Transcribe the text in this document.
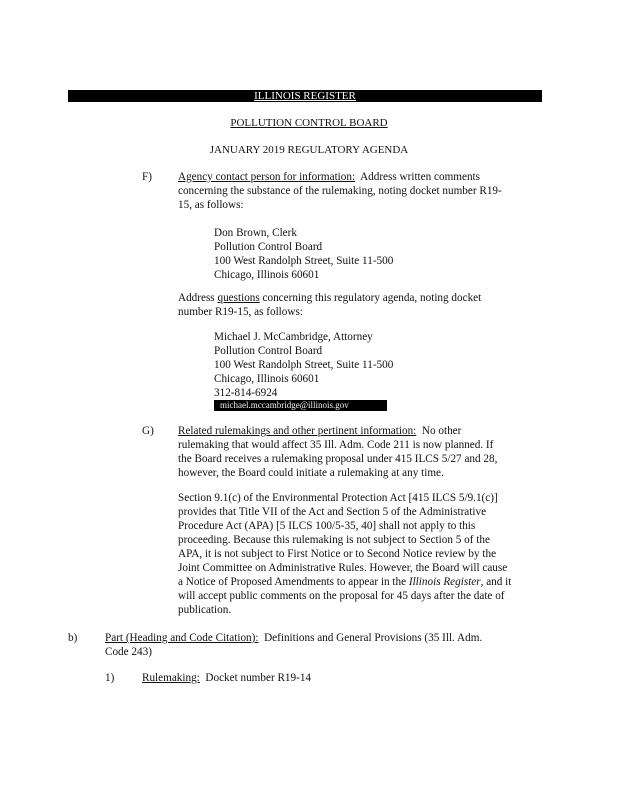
ILLINOIS REGISTER
POLLUTION CONTROL BOARD
JANUARY 2019 REGULATORY AGENDA
F) Agency contact person for information: Address written comments
concerning the substance of the rulemaking, noting docket number R19-
15, as follows:
Don Brown, Clerk
Pollution Control Board
100 West Randolph Street, Suite 11-500
Chicago, Illinois 60601
Address questions concerning this regulatory agenda, noting docket
number R19-15, as follows:
Michael J. McCambridge, Attorney
Pollution Control Board
100 West Randolph Street, Suite 11-500
Chicago, Illinois 60601
312-814-6924
michael.mccambridge@illinois.gov
G) Related rulemakings and other pertinent information: No other
rulemaking that would affect 35 Ill. Adm. Code 211 is now planned. If
the Board receives a rulemaking proposal under 415 ILCS 5/27 and 28,
however, the Board could initiate a rulemaking at any time.
Section 9.1(c) of the Environmental Protection Act [415 ILCS 5/9.1(c)]
provides that Title VII of the Act and Section 5 of the Administrative
Procedure Act (APA) [5 ILCS 100/5-35, 40] shall not apply to this
proceeding. Because this rulemaking is not subject to Section 5 of the
APA, it is not subject to First Notice or to Second Notice review by the
Joint Committee on Administrative Rules. However, the Board will cause
a Notice of Proposed Amendments to appear in the Illinois Register, and it
will accept public comments on the proposal for 45 days after the date of
publication.
b) Part (Heading and Code Citation): Definitions and General Provisions (35 Ill. Adm.
Code 243)
1) Rulemaking: Docket number R19-14
